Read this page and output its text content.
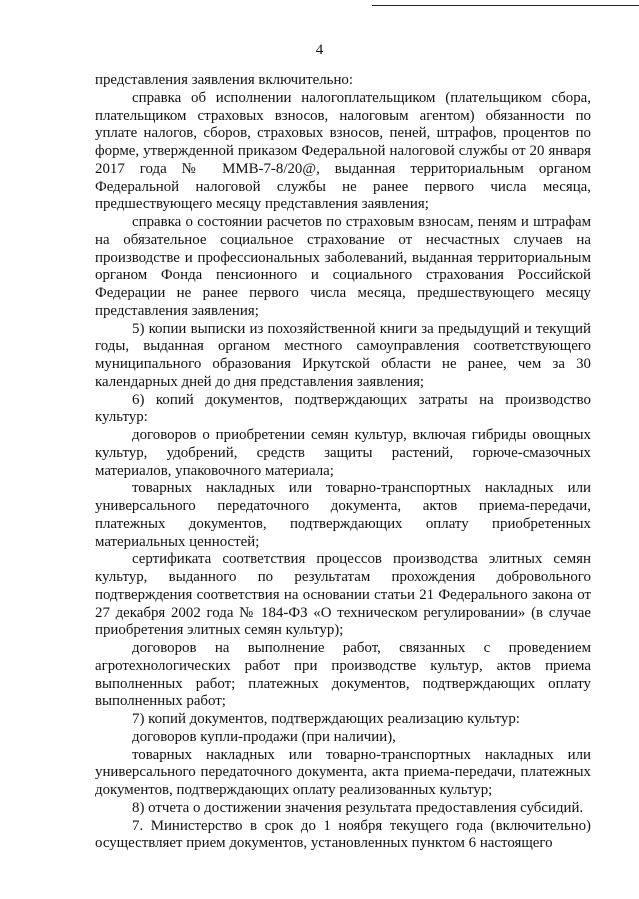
4

представления заявления включительно:

справка об исполнении налогоплательщиком (плательщиком сбора, плательщиком страховых взносов, налоговым агентом) обязанности по уплате налогов, сборов, страховых взносов, пеней, штрафов, процентов по форме, утвержденной приказом Федеральной налоговой службы от 20 января 2017 года № ММВ-7-8/20@, выданная территориальным органом Федеральной налоговой службы не ранее первого числа месяца, предшествующего месяцу представления заявления;

справка о состоянии расчетов по страховым взносам, пеням и штрафам на обязательное социальное страхование от несчастных случаев на производстве и профессиональных заболеваний, выданная территориальным органом Фонда пенсионного и социального страхования Российской Федерации не ранее первого числа месяца, предшествующего месяцу представления заявления;

5) копии выписки из похозяйственной книги за предыдущий и текущий годы, выданная органом местного самоуправления соответствующего муниципального образования Иркутской области не ранее, чем за 30 календарных дней до дня представления заявления;

6) копий документов, подтверждающих затраты на производство культур:

договоров о приобретении семян культур, включая гибриды овощных культур, удобрений, средств защиты растений, горюче-смазочных материалов, упаковочного материала;

товарных накладных или товарно-транспортных накладных или универсального передаточного документа, актов приема-передачи, платежных документов, подтверждающих оплату приобретенных материальных ценностей;

сертификата соответствия процессов производства элитных семян культур, выданного по результатам прохождения добровольного подтверждения соответствия на основании статьи 21 Федерального закона от 27 декабря 2002 года № 184-ФЗ «О техническом регулировании» (в случае приобретения элитных семян культур);

договоров на выполнение работ, связанных с проведением агротехнологических работ при производстве культур, актов приема выполненных работ; платежных документов, подтверждающих оплату выполненных работ;

7) копий документов, подтверждающих реализацию культур:

договоров купли-продажи (при наличии),

товарных накладных или товарно-транспортных накладных или универсального передаточного документа, акта приема-передачи, платежных документов, подтверждающих оплату реализованных культур;

8) отчета о достижении значения результата предоставления субсидий.

7. Министерство в срок до 1 ноября текущего года (включительно) осуществляет прием документов, установленных пунктом 6 настоящего
